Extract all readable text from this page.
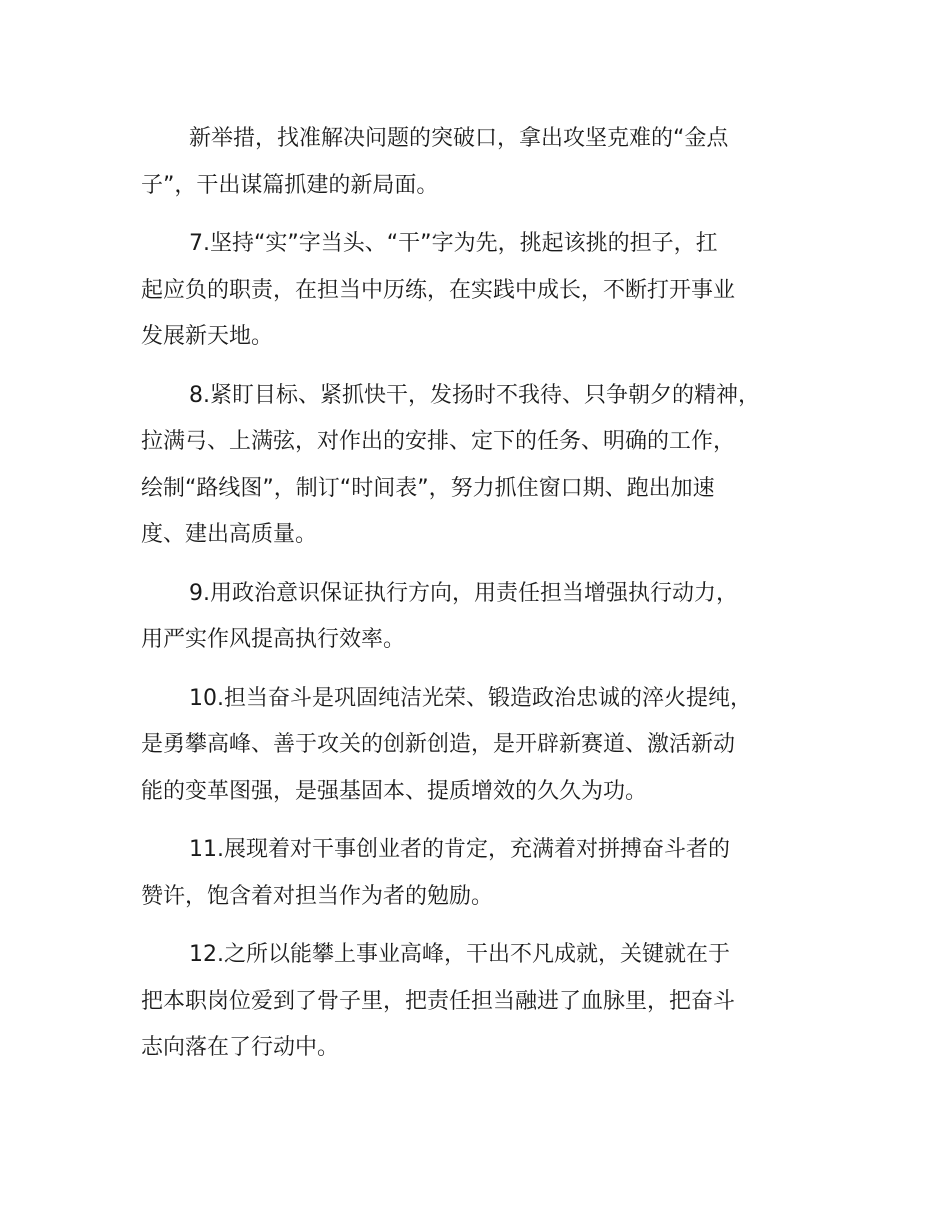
新举措，找准解决问题的突破口，拿出攻坚克难的“金点
子”，干出谋篇抓建的新局面。

7.坚持“实”字当头、“干”字为先，挑起该挑的担子，扛
起应负的职责，在担当中历练，在实践中成长，不断打开事业
发展新天地。

8.紧盯目标、紧抓快干，发扬时不我待、只争朝夕的精神，
拉满弓、上满弦，对作出的安排、定下的任务、明确的工作，
绘制“路线图”，制订“时间表”，努力抓住窗口期、跑出加速
度、建出高质量。

9.用政治意识保证执行方向，用责任担当增强执行动力，
用严实作风提高执行效率。

10.担当奋斗是巩固纯洁光荣、锻造政治忠诚的淬火提纯，
是勇攀高峰、善于攻关的创新创造，是开辟新赛道、激活新动
能的变革图强，是强基固本、提质增效的久久为功。

11.展现着对干事创业者的肯定，充满着对拼搏奋斗者的
赞许，饱含着对担当作为者的勉励。

12.之所以能攀上事业高峰，干出不凡成就，关键就在于
把本职岗位爱到了骨子里，把责任担当融进了血脉里，把奋斗
志向落在了行动中。
